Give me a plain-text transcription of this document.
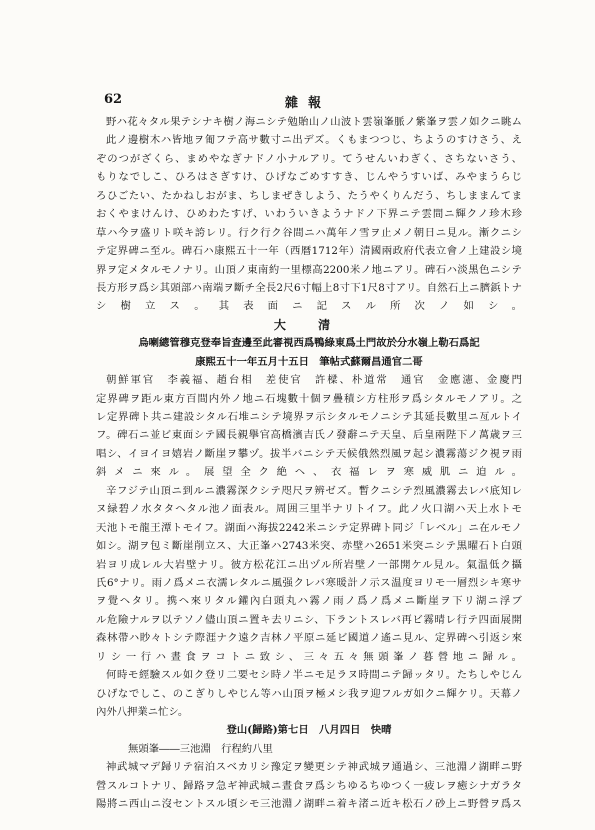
62	雜報
野ハ花々タル果テシナキ樹ノ海ニシテ勉貽山ノ山波ト雲嶺峯脈ノ紫峯ヲ雲ノ如クニ眺ム
此ノ邊樹木ハ皆地ヲ匍フテ高サ數寸ニ出デズ。くもまつつじ、ちようのすけさう、え
ぞのつがざくら、まめやなぎナドノ小ナルアリ。てうせんいわぎく、さちないさう、
もりなでしこ、ひろはさぎすけ、ひげなごめすすき、じんやうすいば、みやまうらじ
ろひごたい、たかねしおがま、ちしまぜきしよう、たうやくりんだう、ちしままんてま
おくやまけんけ、ひめわたすげ、いわういきようナドノ下界ニテ雲間ニ輝クノ珍木珍
草ハ今ヲ盛リト咲キ誇レリ。行ク行ク谷間ニハ萬年ノ雪ヲ止メノ朝日ニ見ル。漸クニシ
テ定界碑ニ至ル。碑石ハ康熙五十一年（西暦1712年）清國兩政府代表立會ノ上建設シ境
界ヲ定メタルモノナリ。山頂ノ東南約一里標高2200米ノ地ニアリ。碑石ハ淡黑色ニシテ
長方形ヲ爲シ其頭部ハ南端ヲ斷チ全長2尺6寸幅上8寸下1尺8寸アリ。自然石上ニ臍鋲トナ
シ樹立ス。其表面ニ記スル所次ノ如シ。
大 清
烏喇總管穆克登奉旨査邊至此審視西爲鴨綠東爲土門故於分水嶺上勒石爲記
康熙五十一年五月十五日　筆帖式蘇爾昌通官二哥
朝鮮軍官　李義福、趙台相　差使官　許樑、朴道常　通官　金應瀗、金慶門
定界碑ヲ距ル東方百間内外ノ地ニ石塊數十個ヲ疊積シ方柱形ヲ爲シタルモノアリ。之
レ定界碑ト共ニ建設シタル石堆ニシテ境界ヲ示シタルモノニシテ其延長數里ニ亙ルトイ
フ。碑石ニ並ビ東面シテ國長親擧官高橋濱吉氏ノ發辭ニテ天皇、后皇兩陛下ノ萬歳ヲ三
唱シ、イヨイヨ嬉岩ノ斷崖ヲ攀ヅ。拔半バニシテ天候俄然烈風ヲ起シ濃霧蕩ジク視ヲ雨
斜メニ來ル。展望全ク絶ヘ、衣福レヲ寒威肌ニ迫ル。
辛フジテ山頂ニ到ルニ濃霧深クシテ咫尺ヲ辨ゼズ。暫クニシテ烈風濃霧去レバ底知レ
ヌ緑碧ノ水タタヘタル池ノ面表ル。周囲三里半ナリトイフ。此ノ火口湖ハ天上水トモ
天池トモ龍王潭トモイフ。湖面ハ海拔2242米ニシテ定界碑ト同ジ「レベル」ニ在ルモノ
如シ。湖ヲ包ミ斷崖削立ス、大正峯ハ2743米突、赤壁ハ2651米突ニシテ黒曜石ト白頭
岩ヨリ成レル大岩壁ナリ。彼方松花江ニ出ヅル所岩壁ノ一部開ケル見ル。氣温低ク攝
氏6°ナリ。雨ノ爲メニ衣濡レタルニ風强クレバ寒暖計ノ示ス温度ヨリモ一層烈シキ寒サ
ヲ覺ヘタリ。携ヘ來リタル鑵內白頭丸ハ霧ノ雨ノ爲ノ爲メニ斷崖ヲ下リ湖ニ浮ブ
ル危險ナルヲ以テソノ儘山頂ニ置キ去リニシ、下ラントスレバ再ビ霧晴レ行テ四面展開
森林帶ハ眇々トシテ際涯ナク遠ク吉林ノ平原ニ延ビ國道ノ遙ニ見ル、定界碑ヘ引返シ來
リシ一行ハ晝食ヲコトニ致シ、三々五々無頭峯ノ暮營地ニ歸ル。
何時モ經驗スル如ク登リ二要セシ時ノ半ニモ足ラヌ時間ニテ歸ッタリ。たちしやじん
ひげなでしこ、のこぎりしやじん等ハ山頂ヲ極メシ我ヲ迎フルガ如クニ輝ケリ。天幕ノ
內外八押業ニ忙シ。
登山(歸路)第七日　八月四日　快晴
無頭峯――三池淵　行程約八里
神武城マデ歸リテ宿泊スベカリシ豫定ヲ變更シテ神武城ヲ通過シ、三池淵ノ湖畔ニ野
營スルコトナリ、歸路ヲ急ギ神武城ニ晝食ヲ爲シちゆるちゆつく一疲レヲ癒シナガラタ
陽將ニ西山ニ沒セントスル頃シモ三池淵ノ湖畔ニ着キ渚ニ近キ松石ノ砂上ニ野營ヲ爲ス
